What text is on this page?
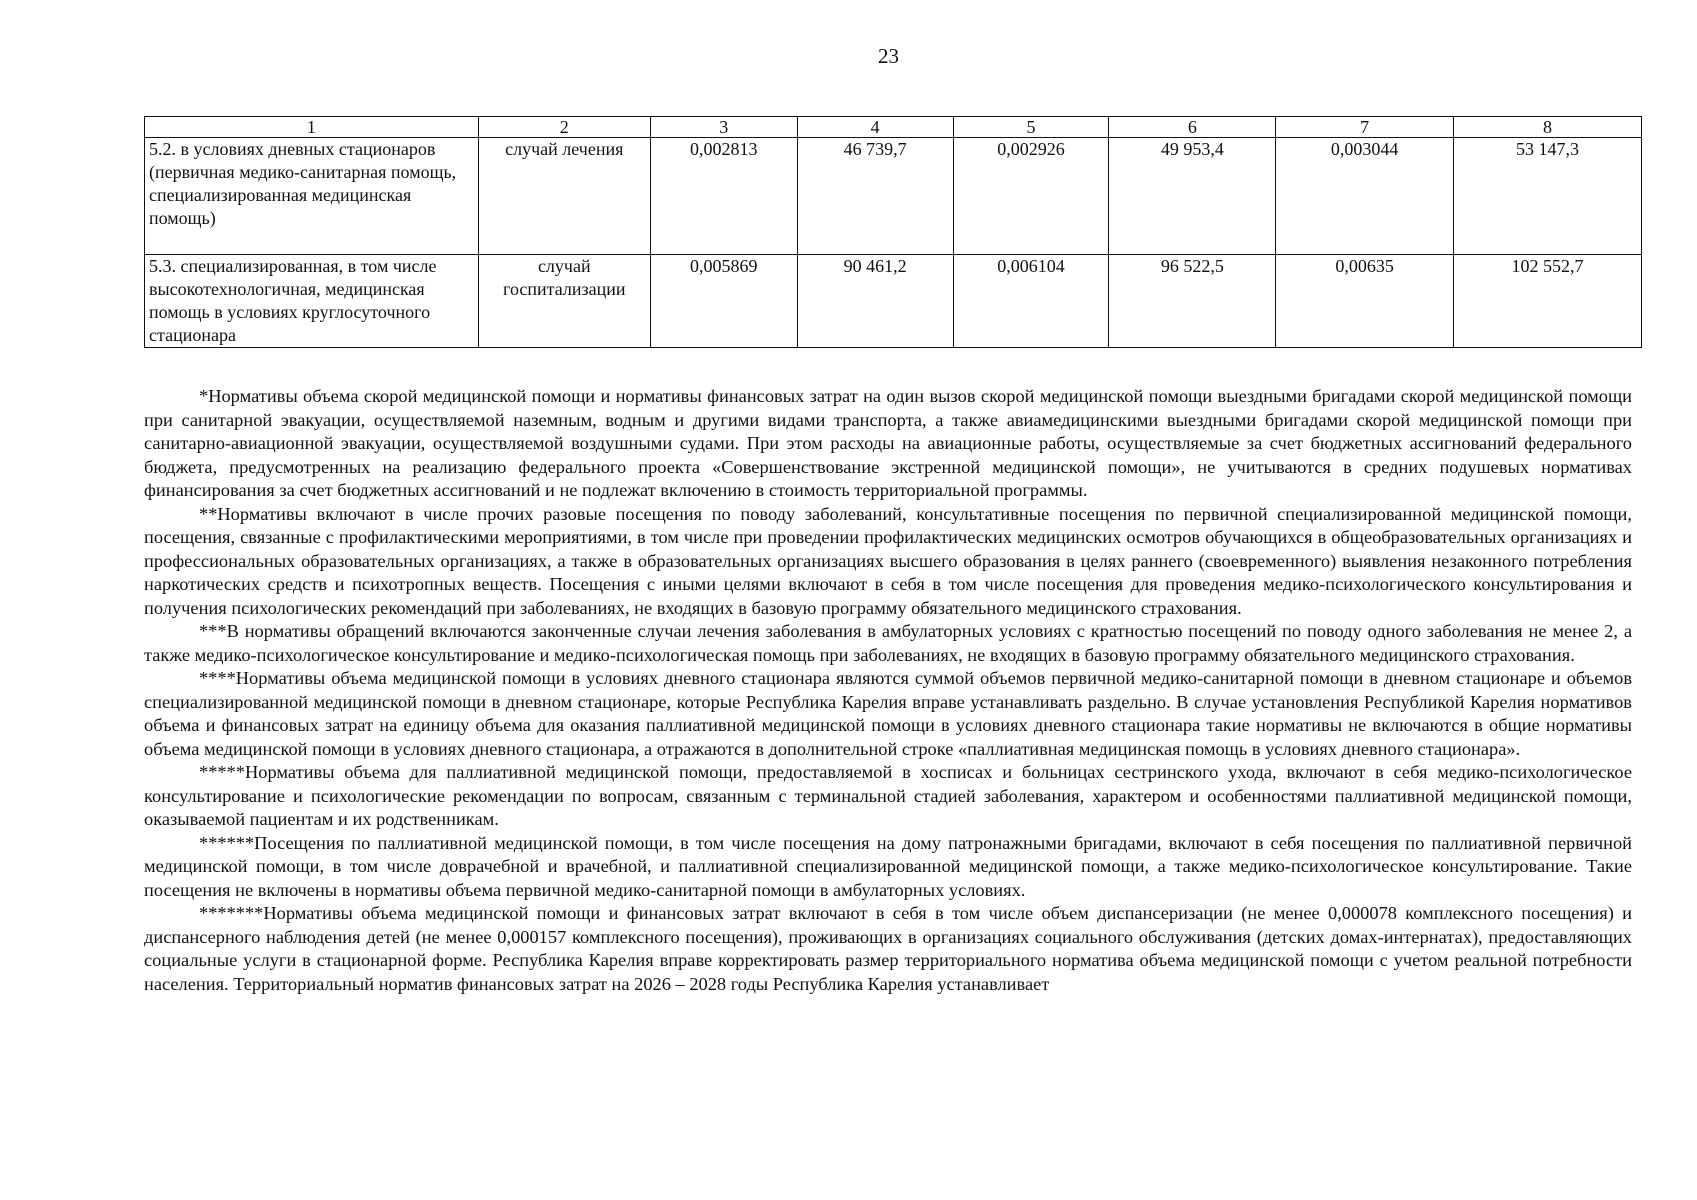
23
1	2	3	4	5	6	7	8
5.2. в условиях дневных стационаров (первичная медико-санитарная помощь, специализированная медицинская помощь)	случай лечения	0,002813	46 739,7	0,002926	49 953,4	0,003044	53 147,3
5.3. специализированная, в том числе высокотехнологичная, медицинская помощь в условиях круглосуточного стационара	случай госпитализации	0,005869	90 461,2	0,006104	96 522,5	0,00635	102 552,7

*Нормативы объема скорой медицинской помощи и нормативы финансовых затрат на один вызов скорой медицинской помощи выездными бригадами скорой медицинской помощи при санитарной эвакуации, осуществляемой наземным, водным и другими видами транспорта, а также авиамедицинскими выездными бригадами скорой медицинской помощи при санитарно-авиационной эвакуации, осуществляемой воздушными судами. При этом расходы на авиационные работы, осуществляемые за счет бюджетных ассигнований федерального бюджета, предусмотренных на реализацию федерального проекта «Совершенствование экстренной медицинской помощи», не учитываются в средних подушевых нормативах финансирования за счет бюджетных ассигнований и не подлежат включению в стоимость территориальной программы.

**Нормативы включают в числе прочих разовые посещения по поводу заболеваний, консультативные посещения по первичной специализированной медицинской помощи, посещения, связанные с профилактическими мероприятиями, в том числе при проведении профилактических медицинских осмотров обучающихся в общеобразовательных организациях и профессиональных образовательных организациях, а также в образовательных организациях высшего образования в целях раннего (своевременного) выявления незаконного потребления наркотических средств и психотропных веществ. Посещения с иными целями включают в себя в том числе посещения для проведения медико-психологического консультирования и получения психологических рекомендаций при заболеваниях, не входящих в базовую программу обязательного медицинского страхования.

***В нормативы обращений включаются законченные случаи лечения заболевания в амбулаторных условиях с кратностью посещений по поводу одного заболевания не менее 2, а также медико-психологическое консультирование и медико-психологическая помощь при заболеваниях, не входящих в базовую программу обязательного медицинского страхования.

****Нормативы объема медицинской помощи в условиях дневного стационара являются суммой объемов первичной медико-санитарной помощи в дневном стационаре и объемов специализированной медицинской помощи в дневном стационаре, которые Республика Карелия вправе устанавливать раздельно. В случае установления Республикой Карелия нормативов объема и финансовых затрат на единицу объема для оказания паллиативной медицинской помощи в условиях дневного стационара такие нормативы не включаются в общие нормативы объема медицинской помощи в условиях дневного стационара, а отражаются в дополнительной строке «паллиативная медицинская помощь в условиях дневного стационара».

*****Нормативы объема для паллиативной медицинской помощи, предоставляемой в хосписах и больницах сестринского ухода, включают в себя медико-психологическое консультирование и психологические рекомендации по вопросам, связанным с терминальной стадией заболевания, характером и особенностями паллиативной медицинской помощи, оказываемой пациентам и их родственникам.

******Посещения по паллиативной медицинской помощи, в том числе посещения на дому патронажными бригадами, включают в себя посещения по паллиативной первичной медицинской помощи, в том числе доврачебной и врачебной, и паллиативной специализированной медицинской помощи, а также медико-психологическое консультирование. Такие посещения не включены в нормативы объема первичной медико-санитарной помощи в амбулаторных условиях.

*******Нормативы объема медицинской помощи и финансовых затрат включают в себя в том числе объем диспансеризации (не менее 0,000078 комплексного посещения) и диспансерного наблюдения детей (не менее 0,000157 комплексного посещения), проживающих в организациях социального обслуживания (детских домах-интернатах), предоставляющих социальные услуги в стационарной форме. Республика Карелия вправе корректировать размер территориального норматива объема медицинской помощи с учетом реальной потребности населения. Территориальный норматив финансовых затрат на 2026 – 2028 годы Республика Карелия устанавливает
